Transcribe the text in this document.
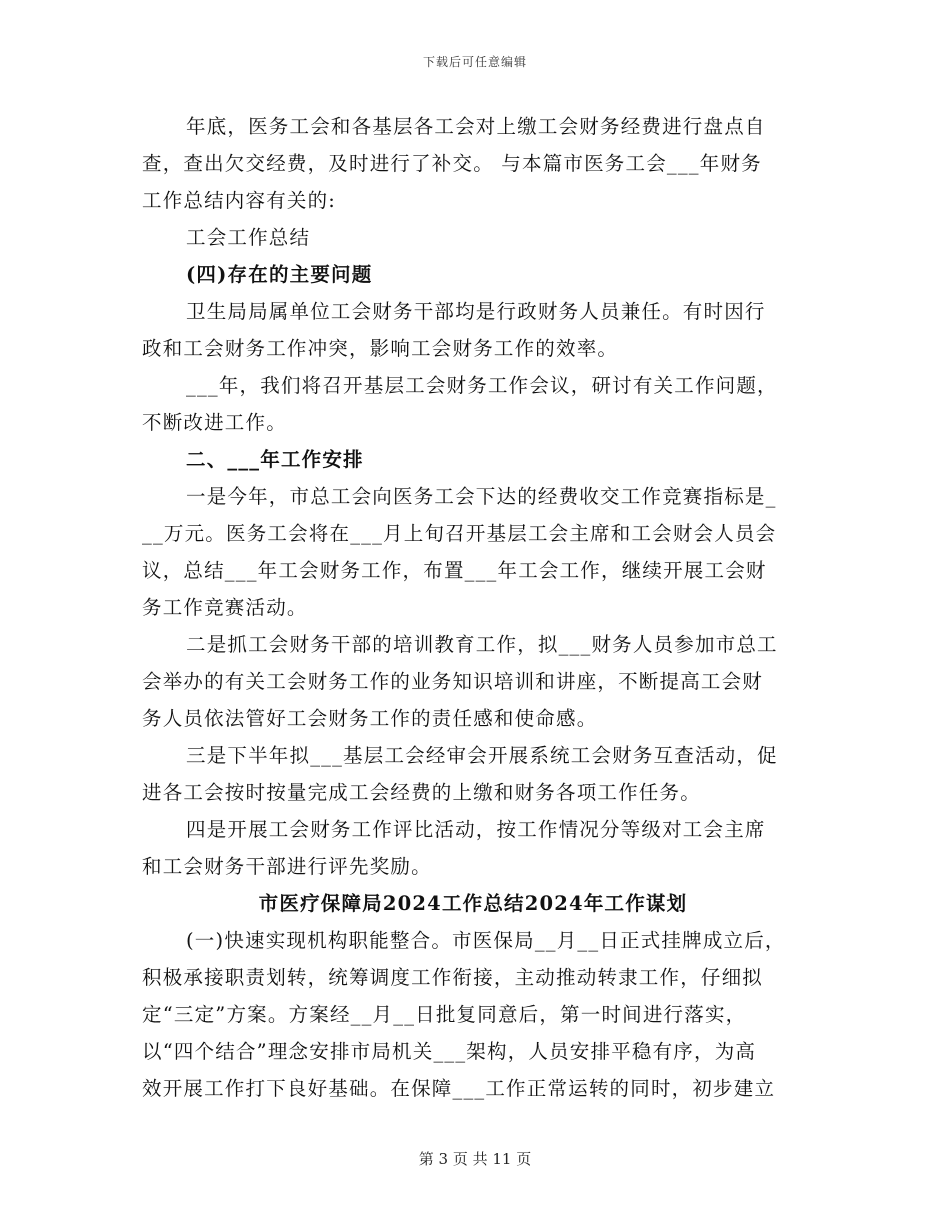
下载后可任意编辑
年底，医务工会和各基层各工会对上缴工会财务经费进行盘点自
查，查出欠交经费，及时进行了补交。 与本篇市医务工会___年财务
工作总结内容有关的:
工会工作总结
(四)存在的主要问题
卫生局局属单位工会财务干部均是行政财务人员兼任。有时因行
政和工会财务工作冲突，影响工会财务工作的效率。
___年，我们将召开基层工会财务工作会议，研讨有关工作问题，
不断改进工作。
二、___年工作安排
一是今年，市总工会向医务工会下达的经费收交工作竞赛指标是_
__万元。医务工会将在___月上旬召开基层工会主席和工会财会人员会
议，总结___年工会财务工作，布置___年工会工作，继续开展工会财
务工作竞赛活动。
二是抓工会财务干部的培训教育工作，拟___财务人员参加市总工
会举办的有关工会财务工作的业务知识培训和讲座，不断提高工会财
务人员依法管好工会财务工作的责任感和使命感。
三是下半年拟___基层工会经审会开展系统工会财务互查活动，促
进各工会按时按量完成工会经费的上缴和财务各项工作任务。
四是开展工会财务工作评比活动，按工作情况分等级对工会主席
和工会财务干部进行评先奖励。
市医疗保障局2024工作总结2024年工作谋划
(一)快速实现机构职能整合。市医保局__月__日正式挂牌成立后，
积极承接职责划转，统筹调度工作衔接，主动推动转隶工作，仔细拟
定“三定”方案。方案经__月__日批复同意后，第一时间进行落实，
以“四个结合”理念安排市局机关___架构，人员安排平稳有序，为高
效开展工作打下良好基础。在保障___工作正常运转的同时，初步建立
第 3 页 共 11 页
